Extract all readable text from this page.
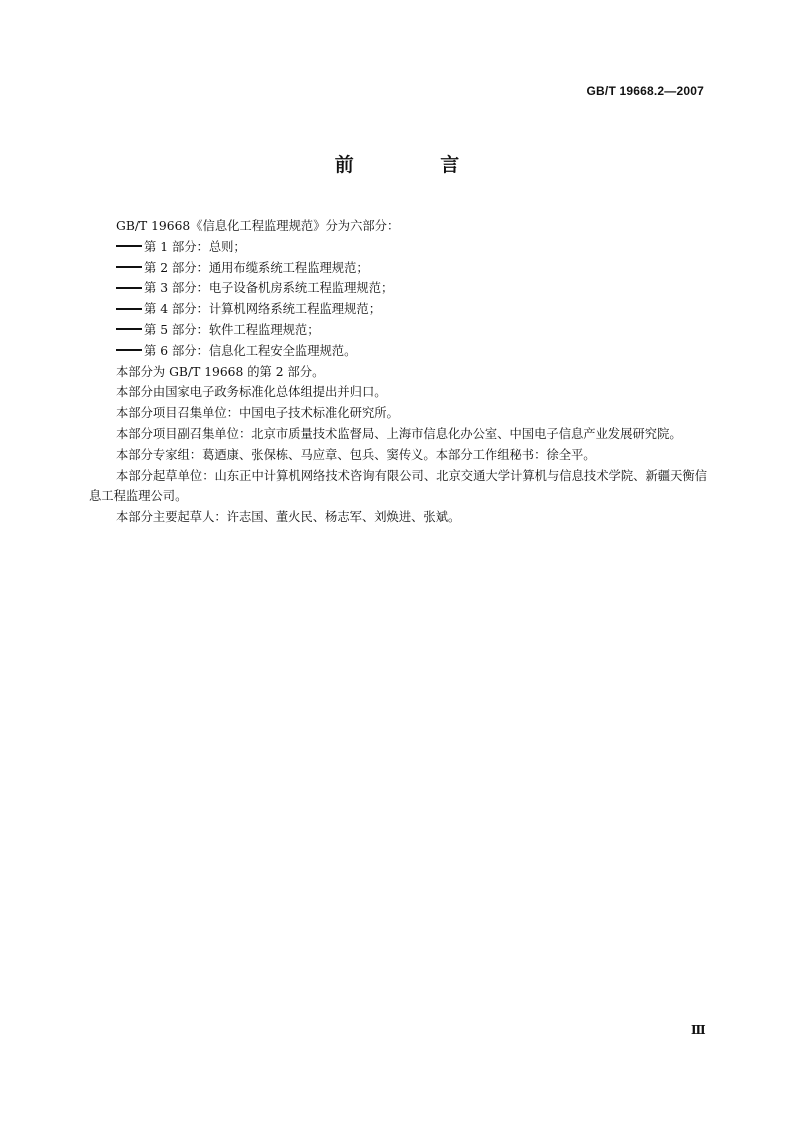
GB/T 19668.2—2007
前 言

GB/T 19668《信息化工程监理规范》分为六部分：

第 1 部分：总则；

第 2 部分：通用布缆系统工程监理规范；

第 3 部分：电子设备机房系统工程监理规范；

第 4 部分：计算机网络系统工程监理规范；

第 5 部分：软件工程监理规范；

第 6 部分：信息化工程安全监理规范。

本部分为 GB/T 19668 的第 2 部分。

本部分由国家电子政务标准化总体组提出并归口。

本部分项目召集单位：中国电子技术标准化研究所。

本部分项目副召集单位：北京市质量技术监督局、上海市信息化办公室、中国电子信息产业发展研究院。

本部分专家组：葛迺康、张保栋、马应章、包兵、窦传义。本部分工作组秘书：徐全平。

本部分起草单位：山东正中计算机网络技术咨询有限公司、北京交通大学计算机与信息技术学院、新疆天衡信息工程监理公司。

本部分主要起草人：许志国、董火民、杨志军、刘焕进、张斌。

Ⅲ
